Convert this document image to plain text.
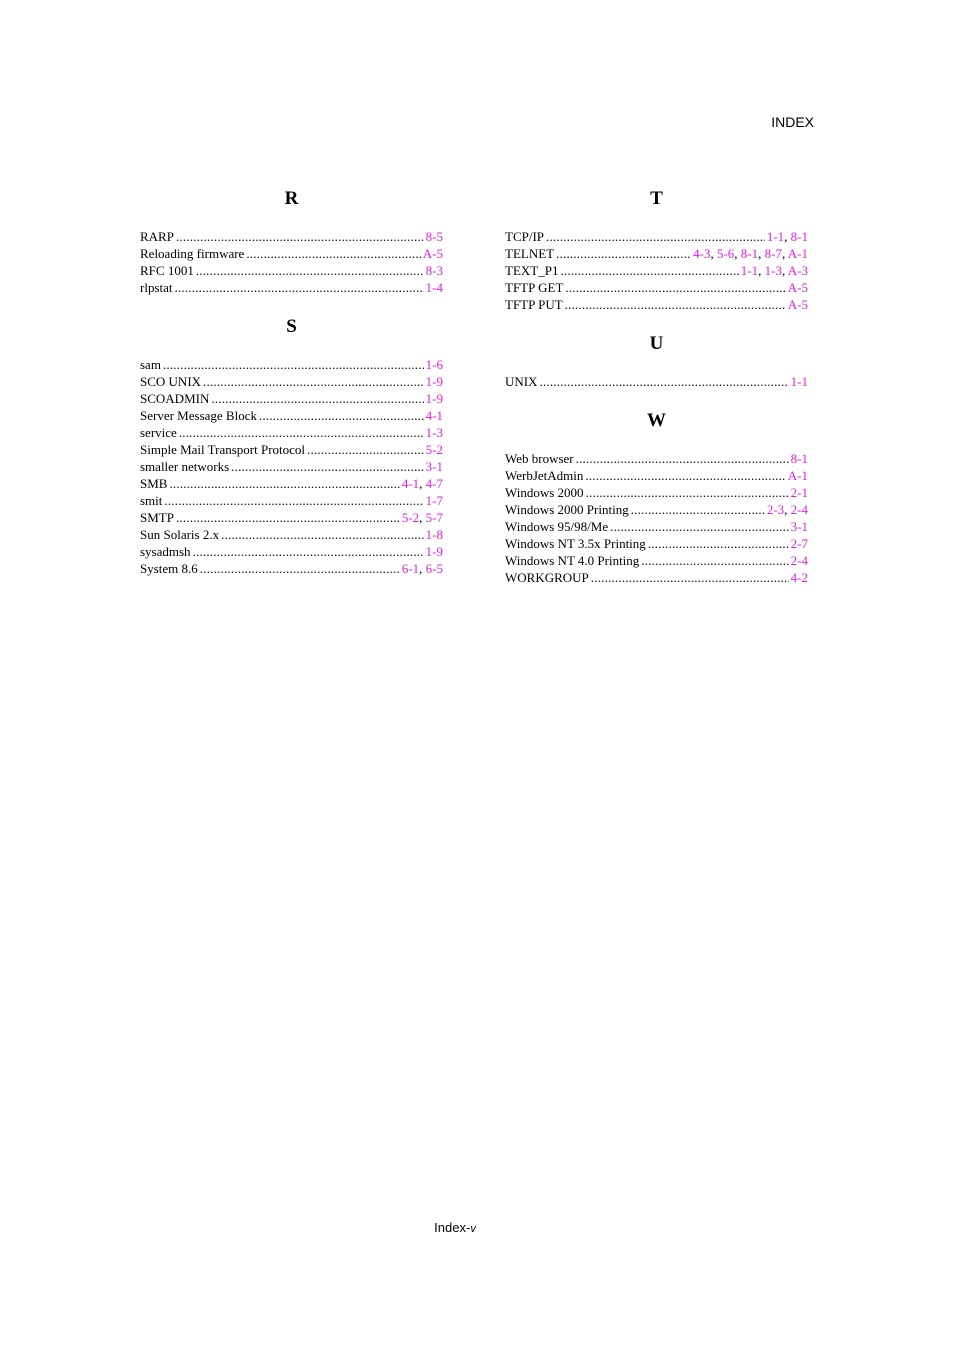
INDEX
R
RARP .....	8-5
Reloading firmware .....	A-5
RFC 1001 .....	8-3
rlpstat .....	1-4
S
sam .....	1-6
SCO UNIX .....	1-9
SCOADMIN .....	1-9
Server Message Block .....	4-1
service .....	1-3
Simple Mail Transport Protocol .....	5-2
smaller networks .....	3-1
SMB .....	4-1, 4-7
smit .....	1-7
SMTP .....	5-2, 5-7
Sun Solaris 2.x .....	1-8
sysadmsh .....	1-9
System 8.6 .....	6-1, 6-5
T
TCP/IP .....	1-1, 8-1
TELNET .....	4-3, 5-6, 8-1, 8-7, A-1
TEXT_P1 .....	1-1, 1-3, A-3
TFTP GET .....	A-5
TFTP PUT .....	A-5
U
UNIX .....	1-1
W
Web browser .....	8-1
WerbJetAdmin .....	A-1
Windows 2000 .....	2-1
Windows 2000 Printing .....	2-3, 2-4
Windows 95/98/Me .....	3-1
Windows NT 3.5x Printing .....	2-7
Windows NT 4.0 Printing .....	2-4
WORKGROUP .....	4-2
Index-v
